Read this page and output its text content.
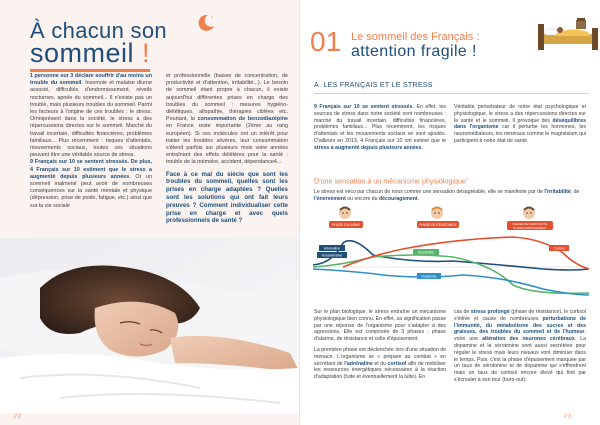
À chacun son
sommeil !
1 personne sur 3 déclare souffrir d'au moins un trouble du sommeil. Insomnie et malaise diurne associé, difficultés d'endormissement, réveils nocturnes, apnée du sommeil... Il n'existe pas un trouble, mais plusieurs troubles du sommeil. Parmi les facteurs à l'origine de ces troubles : le stress. Omniprésent dans la société, le stress a des répercussions directes sur le sommeil. Marché du travail incertain, difficultés financières, problèmes familiaux... Plus récemment : risques d'attentats, mouvements sociaux, toutes ces situations peuvent être une véritable source de stress.
9 Français sur 10 se sentent stressés. De plus, 4 Français sur 10 estiment que le stress a augmenté depuis plusieurs années. Or un sommeil malmené peut avoir de nombreuses conséquences sur la santé mentale et physique (dépression, prise de poids, fatigue, etc.) ainsi que sur la vie sociale
et professionnelle (baisse de concentration, de productivité et d'attention, irritabilité...). Le besoin de sommeil étant propre à chacun, il existe aujourd'hui différentes prises en charge des troubles du sommeil : mesures hygiéno-diététiques, allopathie, thérapies ciblées etc. Pourtant, la consommation de benzodiazépine en France reste importante (2ème au rang européen). Si ces molécules ont un intérêt pour traiter les troubles sévères, leur consommation s'étend parfois sur plusieurs mois voire années entraînant des effets délétères pour la santé : trouble de la mémoire, accident, dépendance4...
Face à ce mal du siècle que sont les troubles du sommeil, quelles sont les prises en charge adaptées ? Quelles sont les solutions qui ont fait leurs preuves ? Comment individualiser cette prise en charge et avec quels professionnels de santé ?
// 2
01 Le sommeil des Français :
attention fragile !
A. LES FRANÇAIS ET LE STRESS
9 Français sur 10 se sentent stressés. En effet, les sources de stress dans notre société sont nombreuses : marché du travail incertain, difficultés financières, problèmes familiaux... Plus récemment, les risques d'attentats et les mouvements sociaux se sont ajoutés. D'ailleurs en 2013, 4 Français sur 10 ont estimé que le stress a augmenté depuis plusieurs années.
Véritable perturbateur de notre état psychologique et physiologique, le stress a des répercussions directes sur la santé et le sommeil. Il provoque des déséquilibres dans l'organisme car il perturbe les hormones, les neuromédiateurs, les minéraux comme le magnésium qui participent à notre état de santé.
D'une sensation à un mécanisme physiologique$^1$
Le stress est vécu par chacun de nous comme une sensation désagréable, elle se manifeste par de l'irritabilité, de l'énervement ou encore du découragement.
PHASE D'ALARME	PHASE DE RÉSISTANCE	PHASE DE CHRONICITÉ
PHASE D'ÉPUISEMENT
Adrénaline
Noradrénaline
Sérotonine
Dopamine
Cortisol
Sur le plan biologique, le stress entraîne un mécanisme physiologique bien connu. En effet, sa signification passe par une réponse de l'organisme pour s'adapter à des agressions. Elle est composée de 3 phases : phase d'alarme, de résistance et celle d'épuisement.
La première phase est déclenchée lors d'une situation de menace. L'organisme se « prépare au combat » en sécrétant de l'adrénaline et du cortisol afin de mobiliser les ressources énergétiques nécessaires à la réaction d'adaptation (fuite et éventuellement la lutte). En
cas de stress prolongé (phase de résistance), le cortisol s'élève et cause de nombreuses perturbations de l'immunité, du métabolisme des sucres et des graisses, des troubles du sommeil et de l'humeur, voire une altération des neurones cérébraux. La dopamine et la sérotonine sont aussi secrétées pour réguler le stress mais leurs niveaux vont diminuer dans le temps. Puis, c'est la phase d'épuisement marquée par un taux de sérotonine et de dopamine qui s'effondrent mais un taux de cortisol encore élevé qui finit par s'écrouler à son tour (burn-out).
// 3
